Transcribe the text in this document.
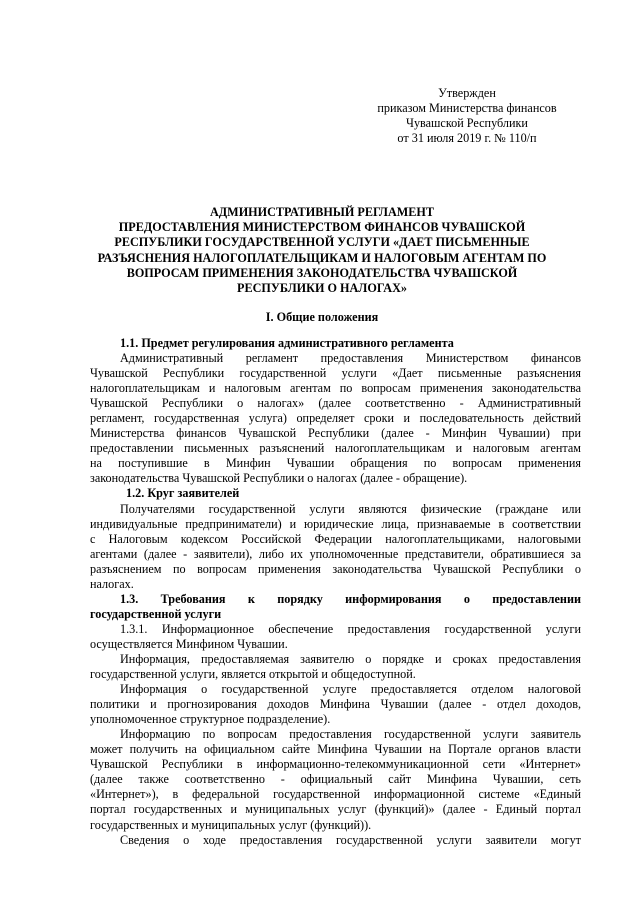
Утвержден
приказом Министерства финансов
Чувашской Республики
от 31 июля 2019 г. № 110/п
АДМИНИСТРАТИВНЫЙ РЕГЛАМЕНТ
ПРЕДОСТАВЛЕНИЯ МИНИСТЕРСТВОМ ФИНАНСОВ ЧУВАШСКОЙ
РЕСПУБЛИКИ ГОСУДАРСТВЕННОЙ УСЛУГИ «ДАЕТ ПИСЬМЕННЫЕ
РАЗЪЯСНЕНИЯ НАЛОГОПЛАТЕЛЬЩИКАМ И НАЛОГОВЫМ АГЕНТАМ ПО
ВОПРОСАМ ПРИМЕНЕНИЯ ЗАКОНОДАТЕЛЬСТВА ЧУВАШСКОЙ
РЕСПУБЛИКИ О НАЛОГАХ»
I. Общие положения
1.1. Предмет регулирования административного регламента
Административный регламент предоставления Министерством финансов
Чувашской Республики государственной услуги «Дает письменные разъяснения
налогоплательщикам и налоговым агентам по вопросам применения законодательства
Чувашской Республики о налогах» (далее соответственно - Административный
регламент, государственная услуга) определяет сроки и последовательность действий
Министерства финансов Чувашской Республики (далее - Минфин Чувашии) при
предоставлении письменных разъяснений налогоплательщикам и налоговым агентам
на поступившие в Минфин Чувашии обращения по вопросам применения
законодательства Чувашской Республики о налогах (далее - обращение).
1.2. Круг заявителей
Получателями государственной услуги являются физические (граждане или
индивидуальные предприниматели) и юридические лица, признаваемые в соответствии
с Налоговым кодексом Российской Федерации налогоплательщиками, налоговыми
агентами (далее - заявители), либо их уполномоченные представители, обратившиеся за
разъяснением по вопросам применения законодательства Чувашской Республики о
налогах.
1.3. Требования к порядку информирования о предоставлении
государственной услуги
1.3.1. Информационное обеспечение предоставления государственной услуги
осуществляется Минфином Чувашии.
Информация, предоставляемая заявителю о порядке и сроках предоставления
государственной услуги, является открытой и общедоступной.
Информация о государственной услуге предоставляется отделом налоговой
политики и прогнозирования доходов Минфина Чувашии (далее - отдел доходов,
уполномоченное структурное подразделение).
Информацию по вопросам предоставления государственной услуги заявитель
может получить на официальном сайте Минфина Чувашии на Портале органов власти
Чувашской Республики в информационно-телекоммуникационной сети «Интернет»
(далее также соответственно - официальный сайт Минфина Чувашии, сеть
«Интернет»), в федеральной государственной информационной системе «Единый
портал государственных и муниципальных услуг (функций)» (далее - Единый портал
государственных и муниципальных услуг (функций)).
Сведения о ходе предоставления государственной услуги заявители могут
